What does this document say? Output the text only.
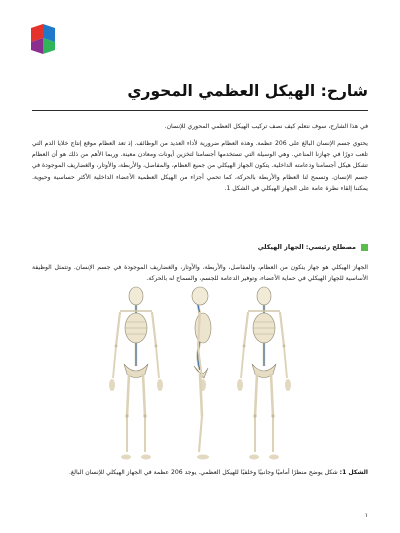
شارح: الهيكل العظمي المحوري

في هذا الشارح، سوف نتعلم كيف نصف تركيب الهيكل العظمي المحوري للإنسان.

يحتوي جسم الإنسان البالغ على 206 عظمة. وهذه العظام ضرورية لأداء العديد من الوظائف. إذ تعد العظام موقع إنتاج خلايا الدم التي تلعب دورًا في جهازنا المناعي. وهي الوسيلة التي تستخدمها أجسامنا لتخزين أيونات ومعادن معينة. وربما الأهم من ذلك هو أن العظام تشكل هيكل أجسامنا ودعامته الداخلية. يتكون الجهاز الهيكلي من جميع العظام، والمفاصل، والأربطة، والأوتار، والغضاريف الموجودة في جسم الإنسان. وتسمح لنا العظام والأربطة بالحركة، كما تحمي أجزاء من الهيكل العظمية الأعضاء الداخلية الأكثر حساسية وحيوية. يمكننا إلقاء نظرة عامة على الجهاز الهيكلي في الشكل 1.

مصطلح رئيسي: الجهاز الهيكلي

الجهاز الهيكلي هو جهاز يتكون من العظام، والمفاصل، والأربطة، والأوتار، والغضاريف الموجودة في جسم الإنسان. وتتمثل الوظيفة الأساسية للجهاز الهيكلي في حماية الأعضاء، وتوفير الدعامة للجسم، والسماح له بالحركة.

الشكل 1: شكل يوضح منظرًا أماميًا وجانبيًا وخلفيًا للهيكل العظمي. يوجد 206 عظمة في الجهاز الهيكلي للإنسان البالغ.

١
